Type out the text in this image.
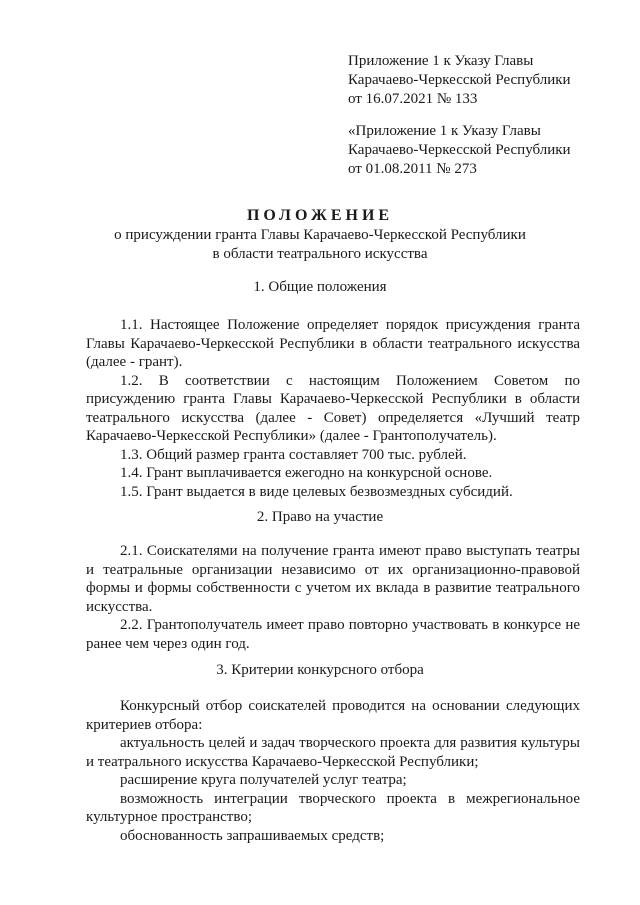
Приложение 1 к Указу Главы
Карачаево-Черкесской Республики
от 16.07.2021 № 133
«Приложение 1 к Указу Главы
Карачаево-Черкесской Республики
от 01.08.2011 № 273
ПОЛОЖЕНИЕ
о присуждении гранта Главы Карачаево-Черкесской Республики
в области театрального искусства
1. Общие положения

1.1. Настоящее Положение определяет порядок присуждения гранта Главы Карачаево-Черкесской Республики в области театрального искусства (далее - грант).

1.2. В соответствии с настоящим Положением Советом по присуждению гранта Главы Карачаево-Черкесской Республики в области театрального искусства (далее - Совет) определяется «Лучший театр Карачаево-Черкесской Республики» (далее - Грантополучатель).

1.3. Общий размер гранта составляет 700 тыс. рублей.

1.4. Грант выплачивается ежегодно на конкурсной основе.

1.5. Грант выдается в виде целевых безвозмездных субсидий.

2. Право на участие

2.1. Соискателями на получение гранта имеют право выступать театры и театральные организации независимо от их организационно-правовой формы и формы собственности с учетом их вклада в развитие театрального искусства.

2.2. Грантополучатель имеет право повторно участвовать в конкурсе не ранее чем через один год.

3. Критерии конкурсного отбора

Конкурсный отбор соискателей проводится на основании следующих критериев отбора:

актуальность целей и задач творческого проекта для развития культуры и театрального искусства Карачаево-Черкесской Республики;

расширение круга получателей услуг театра;

возможность интеграции творческого проекта в межрегиональное культурное пространство;

обоснованность запрашиваемых средств;
